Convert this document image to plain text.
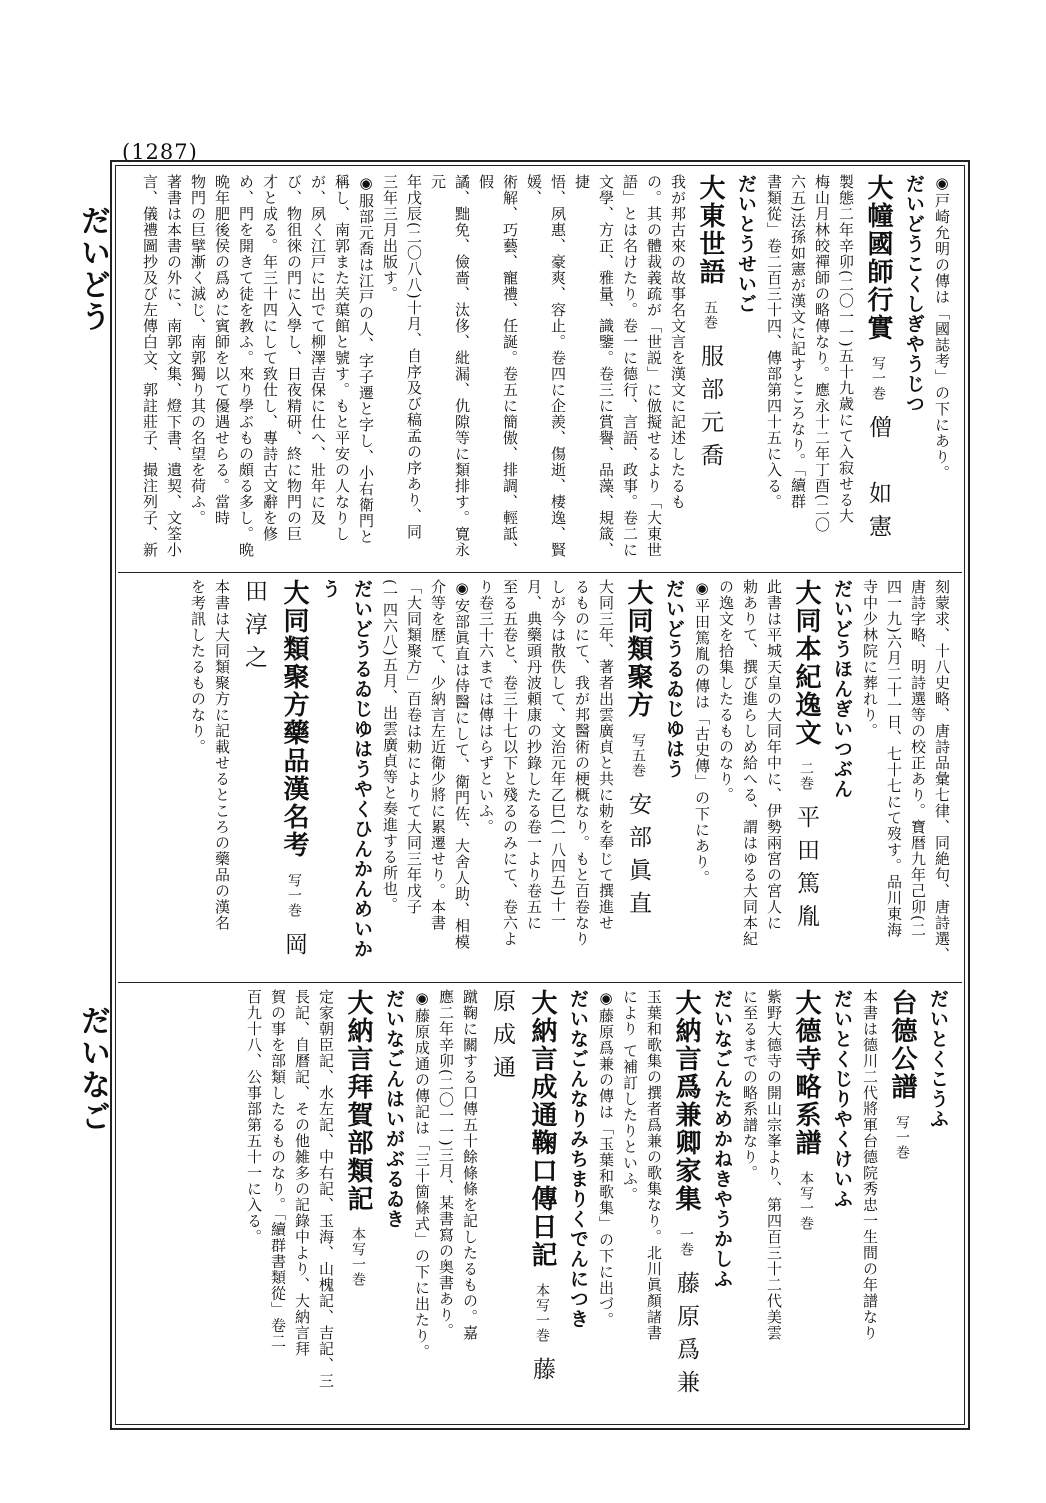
(1287)
だいどう
だいなご

◉戸崎允明の傳は「國誌考」の下にあり。

だいどうこくしぎやうじつ

大幢國師行實写一巻僧　如憲

製態二年辛卯(二〇一一)五十九歳にて入寂せる大

梅山月林皎禪師の略傳なり。應永十二年丁酉(二〇

六五)法孫如憲が漢文に記すところなり。「續群

書類從」卷二百三十四、傳部第四十五に入る。

だいとうせいご

大東世語五巻服部元喬

我が邦古來の故事名文言を漢文に記述したるも

の。其の體裁義疏が「世説」に倣擬せるより「大東世

語」とは名けたり。卷一に德行、言語、政事。卷二に

文學、方正、雅量、識鑒。卷三に賞譽、品藻、規箴、捷

悟、夙惠、豪爽、容止。卷四に企羨、傷逝、棲逸、賢媛、

術解、巧藝、寵禮、任誕。卷五に簡傲、排調、輕詆、假

譎、黜免、儉嗇、汰侈、紕漏、仇隙等に類排す。寛永元

年戊辰(二〇八八)十月、自序及び稿孟の序あり、同

三年三月出版す。

◉服部元喬は江戸の人、字子遷と字し、小右衛門と

稱し、南郭また芙蕖館と號す。もと平安の人なりし

が、夙く江戸に出でて柳澤吉保に仕へ、壯年に及

び、物徂徠の門に入學し、日夜精研、終に物門の巨

才と成る。年三十四にして致仕し、專詩古文辭を修

め、門を開きて徒を教ふ。來り學ぶもの頗る多し。晩

晩年肥後侯の爲めに賓師を以て優遇せらる。當時

物門の巨擘漸く滅じ、南郭獨り其の名望を荷ふ。

著書は本書の外に、南郭文集、燈下書、遺契、文筌小

言、儀禮圖抄及び左傳白文、郭註莊子、撮注列子、新

刻蒙求、十八史略、唐詩品彙七律、同絶句、唐詩選、

唐詩字略、明詩選等の校正あり。寶暦九年己卯(二

四一九)六月二十一日、七十七にて歿す。品川東海

寺中少林院に葬れり。

だいどうほんぎいつぶん

大同本紀逸文二巻平田篤胤

此書は平城天皇の大同年中に、伊勢兩宮の宮人に

勅ありて、撰び進らしめ給へる、謂はゆる大同本紀

の逸文を拾集したるものなり。

◉平田篤胤の傳は「古史傳」の下にあり。

だいどうるゐじゆはう

大同類聚方写五巻安部眞直

大同三年、著者出雲廣貞と共に勅を奉じて撰進せ

るものにて、我が邦醫術の梗概なり。もと百卷なり

しが今は散佚して、文治元年乙巳(一八四五)十一

月、典藥頭丹波頼康の抄錄したる卷一より卷五に

至る五卷と、卷三十七以下と殘るのみにて、卷六よ

り卷三十六までは傳はらずといふ。

◉安部眞直は侍醫にして、衛門佐、大舍人助、相模

介等を歴て、少納言左近衛少將に累遷せり。本書

「大同類聚方」百卷は勅によりて大同三年戊子

(一四六八)五月、出雲廣貞等と奏進する所也。

だいどうるゐじゆはうやくひんかんめいかう

大同類聚方藥品漢名考写一巻岡田淳之

本書は大同類聚方に記載せるところの藥品の漢名

を考訊したるものなり。

だいとくこうふ

台德公譜写一巻

本書は德川二代將軍台德院秀忠一生間の年譜なり

だいとくじりやくけいふ

大德寺略系譜本写一巻

紫野大德寺の開山宗峯より、第四百三十二代美雲

に至るまでの略系譜なり。

だいなごんためかねきやうかしふ

大納言爲兼卿家集一巻藤原爲兼

玉葉和歌集の撰者爲兼の歌集なり。北川眞顏諸書

により て補訂したりといふ。

◉藤原爲兼の傳は「玉葉和歌集」の下に出づ。

だいなごんなりみちまりくでんにつき

大納言成通鞠口傳日記本写一巻藤原成通

蹴鞠に關する口傳五十餘條條を記したるもの。嘉

應二年辛卯(二〇一一)三月、某書寫の奥書あり。

◉藤原成通の傳記は「三十箇條式」の下に出たり。

だいなごんはいがぶるゐき

大納言拜賀部類記本写一巻

定家朝臣記、水左記、中右記、玉海、山槐記、吉記、三

長記、自曆記、その他雑多の記錄中より、大納言拜

賀の事を部類したるものなり。「續群書類從」卷二

百九十八、公事部第五十一に入る。
